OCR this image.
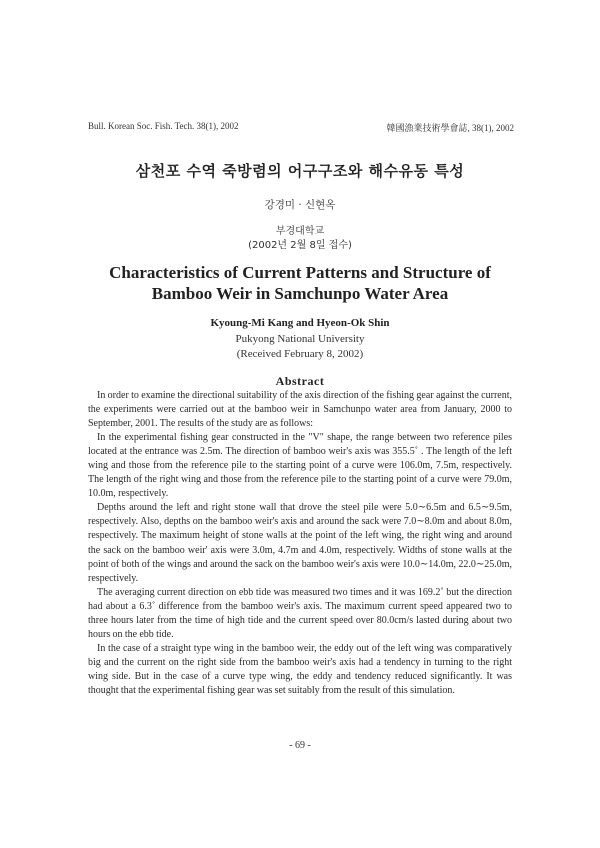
Bull. Korean Soc. Fish. Tech. 38(1), 2002	韓國漁業技術學會誌, 38(1), 2002
삼천포 수역 죽방렴의 어구구조와 해수유동 특성
강경미 · 신현옥
부경대학교
(2002년 2월 8일 접수)
Characteristics of Current Patterns and Structure of
Bamboo Weir in Samchunpo Water Area
Kyoung-Mi Kang and Hyeon-Ok Shin
Pukyong National University
(Received February 8, 2002)
Abstract

In order to examine the directional suitability of the axis direction of the fishing gear against the current, the experiments were carried out at the bamboo weir in Samchunpo water area from January, 2000 to September, 2001. The results of the study are as follows:

In the experimental fishing gear constructed in the "V" shape, the range between two reference piles located at the entrance was 2.5m. The direction of bamboo weir's axis was 355.5˚ . The length of the left wing and those from the reference pile to the starting point of a curve were 106.0m, 7.5m, respectively. The length of the right wing and those from the reference pile to the starting point of a curve were 79.0m, 10.0m, respectively.

Depths around the left and right stone wall that drove the steel pile were 5.0∼6.5m and 6.5∼9.5m, respectively. Also, depths on the bamboo weir's axis and around the sack were 7.0∼8.0m and about 8.0m, respectively. The maximum height of stone walls at the point of the left wing, the right wing and around the sack on the bamboo weir' axis were 3.0m, 4.7m and 4.0m, respectively. Widths of stone walls at the point of both of the wings and around the sack on the bamboo weir's axis were 10.0∼14.0m, 22.0∼25.0m, respectively.

The averaging current direction on ebb tide was measured two times and it was 169.2˚ but the direction had about a 6.3˚ difference from the bamboo weir's axis. The maximum current speed appeared two to three hours later from the time of high tide and the current speed over 80.0cm/s lasted during about two hours on the ebb tide.

In the case of a straight type wing in the bamboo weir, the eddy out of the left wing was comparatively big and the current on the right side from the bamboo weir's axis had a tendency in turning to the right wing side. But in the case of a curve type wing, the eddy and tendency reduced significantly. It was thought that the experimental fishing gear was set suitably from the result of this simulation.

- 69 -
